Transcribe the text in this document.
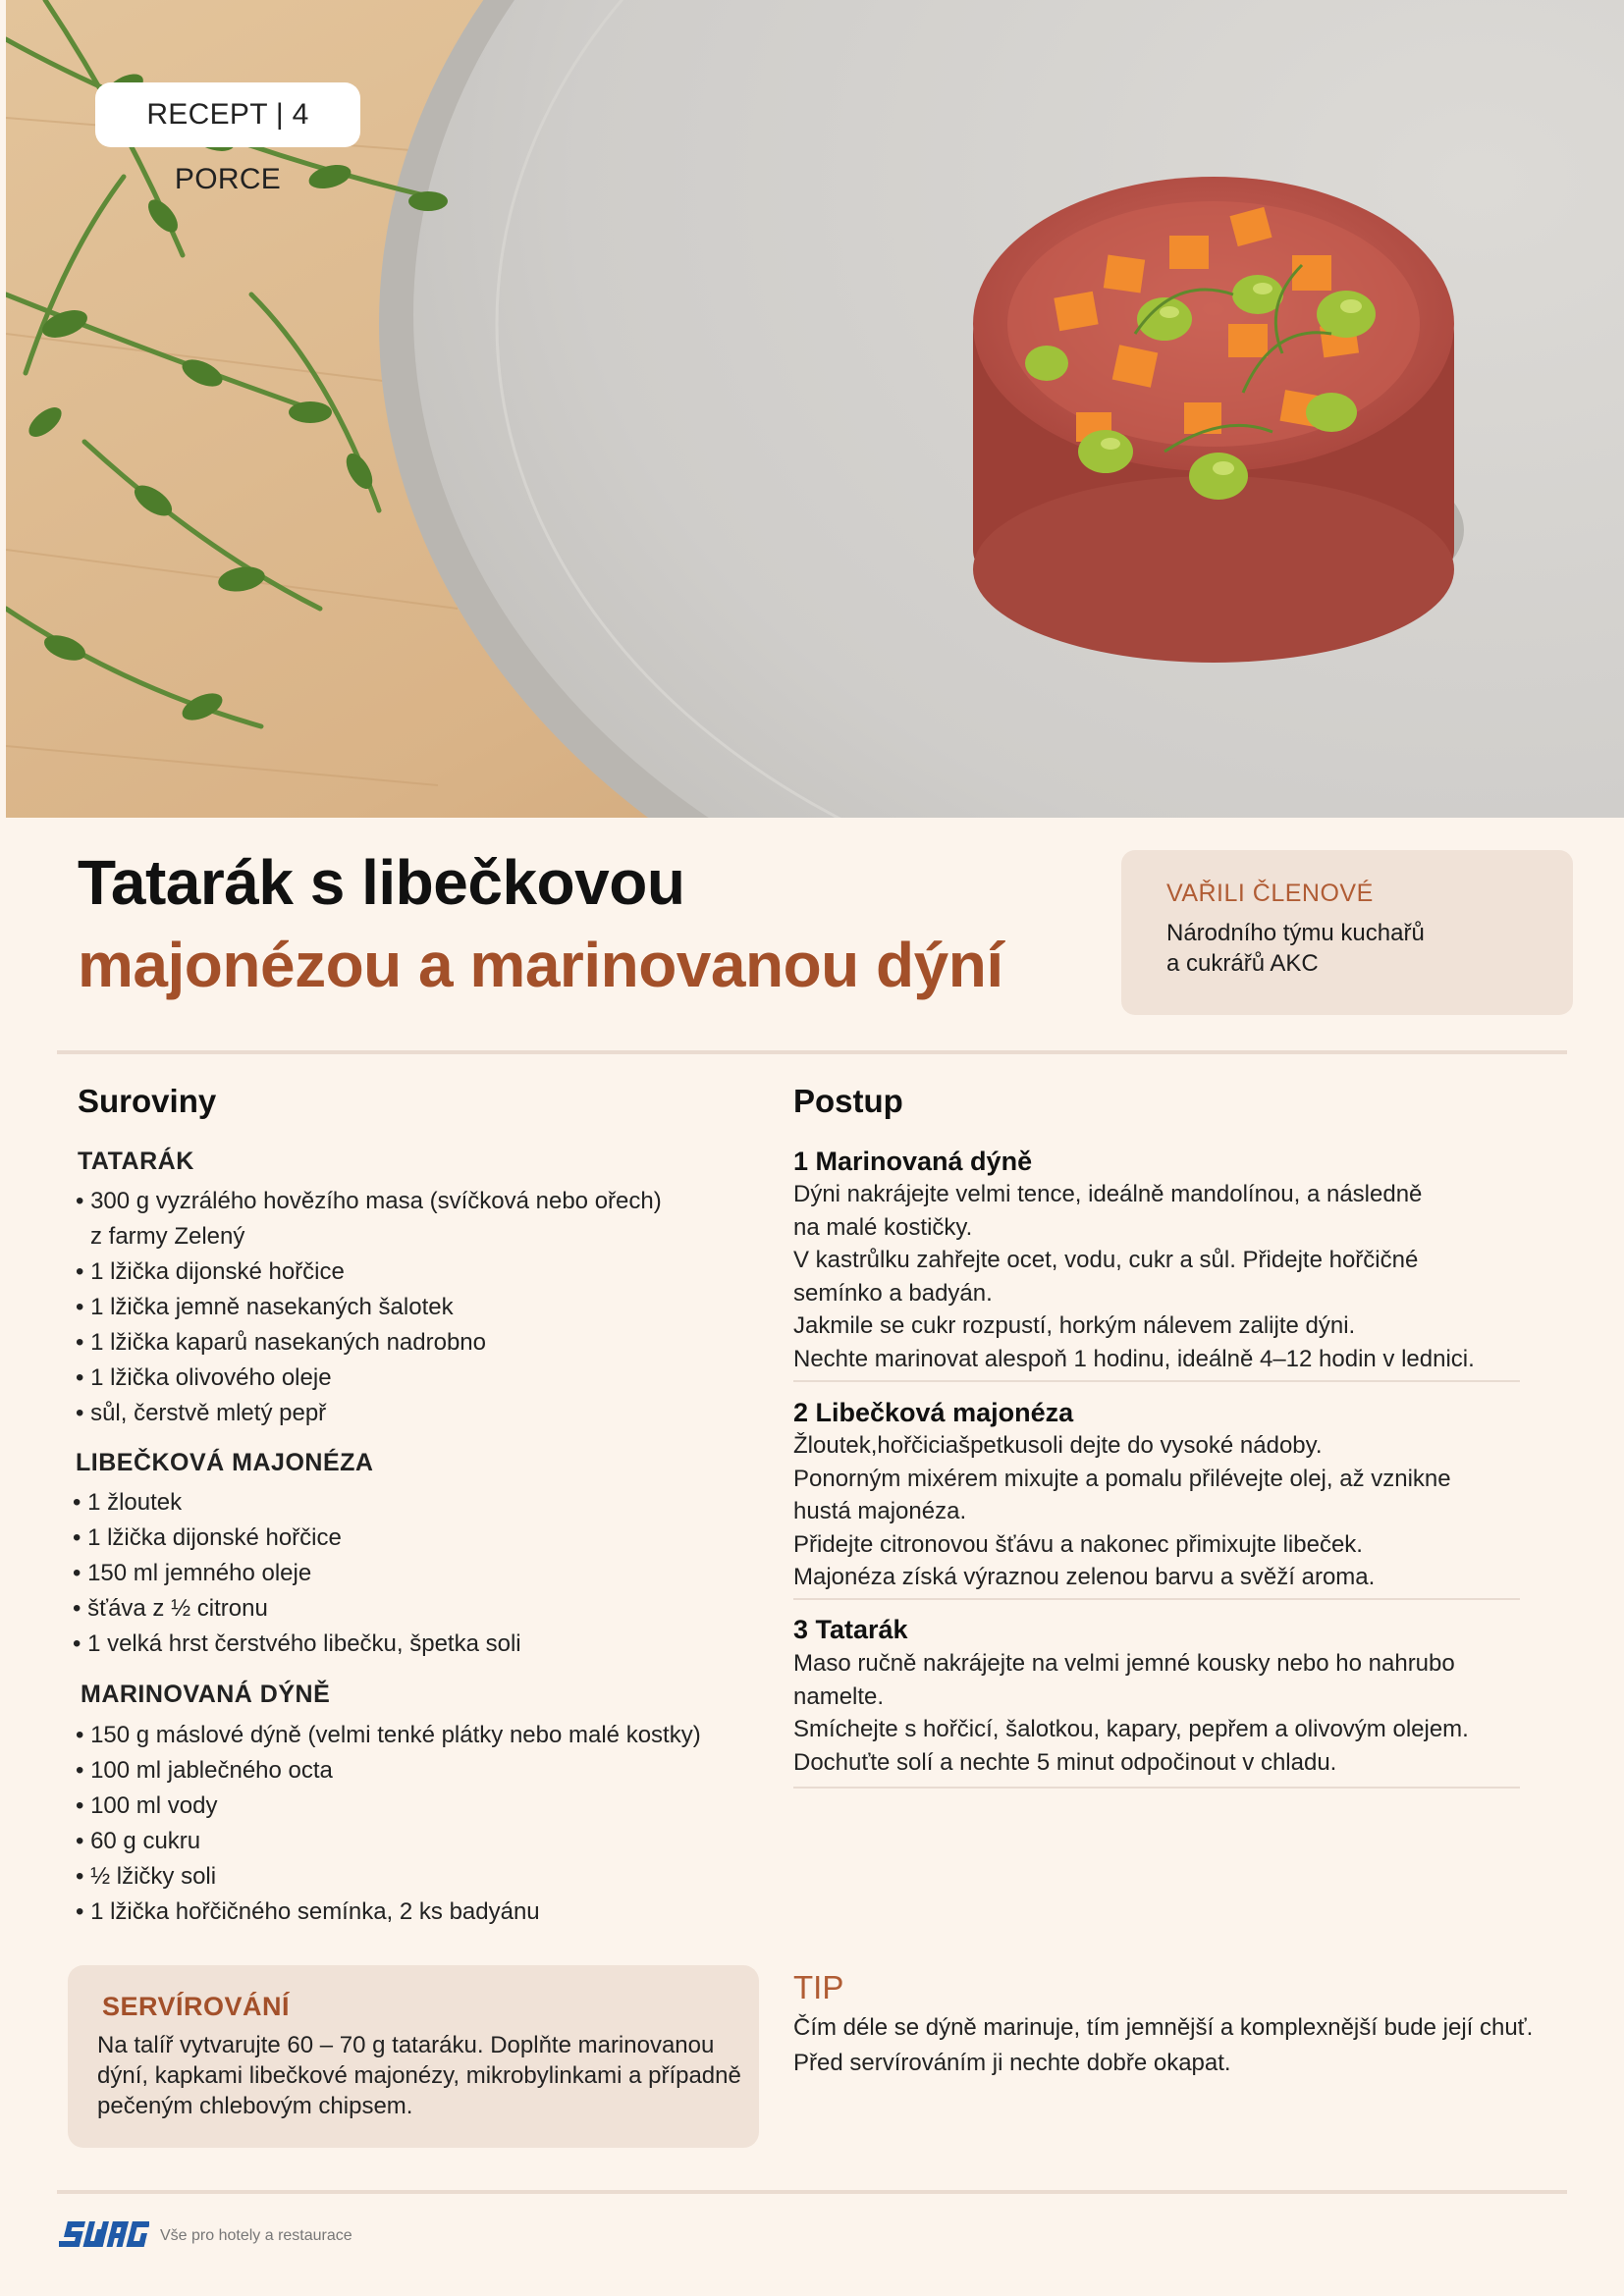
RECEPT | 4 PORCE
Tatarák s libečkovou
majonézou a marinovanou dýní
VAŘILI ČLENOVÉ
Národního týmu kuchařů
a cukrářů AKC
Suroviny
TATARÁK
• 300 g vyzrálého hovězího masa (svíčková nebo ořech)
z farmy Zelený
• 1 lžička dijonské hořčice
• 1 lžička jemně nasekaných šalotek
• 1 lžička kaparů nasekaných nadrobno
• 1 lžička olivového oleje
• sůl, čerstvě mletý pepř
LIBEČKOVÁ MAJONÉZA
• 1 žloutek
• 1 lžička dijonské hořčice
• 150 ml jemného oleje
• šťáva z ½ citronu
• 1 velká hrst čerstvého libečku, špetka soli
MARINOVANÁ DÝNĚ
• 150 g máslové dýně (velmi tenké plátky nebo malé kostky)
• 100 ml jablečného octa
• 100 ml vody
• 60 g cukru
• ½ lžičky soli
• 1 lžička hořčičného semínka, 2 ks badyánu
Postup
1 Marinovaná dýně
Dýni nakrájejte velmi tence, ideálně mandolínou, a následně
na malé kostičky.
V kastrůlku zahřejte ocet, vodu, cukr a sůl. Přidejte hořčičné
semínko a badyán.
Jakmile se cukr rozpustí, horkým nálevem zalijte dýni.
Nechte marinovat alespoň 1 hodinu, ideálně 4–12 hodin v lednici.
2 Libečková majonéza
Žloutek,hořčiciašpetkusoli dejte do vysoké nádoby.
Ponorným mixérem mixujte a pomalu přilévejte olej, až vznikne
hustá majonéza.
Přidejte citronovou šťávu a nakonec přimixujte libeček.
Majonéza získá výraznou zelenou barvu a svěží aroma.
3 Tatarák
Maso ručně nakrájejte na velmi jemné kousky nebo ho nahrubo
namelte.
Smíchejte s hořčicí, šalotkou, kapary, pepřem a olivovým olejem.
Dochuťte solí a nechte 5 minut odpočinout v chladu.
SERVÍROVÁNÍ
Na talíř vytvarujte 60 – 70 g tataráku. Doplňte marinovanou
dýní, kapkami libečkové majonézy, mikrobylinkami a případně
pečeným chlebovým chipsem.
TIP
Čím déle se dýně marinuje, tím jemnější a komplexnější bude její chuť.
Před servírováním ji nechte dobře okapat.
Vše pro hotely a restaurace
